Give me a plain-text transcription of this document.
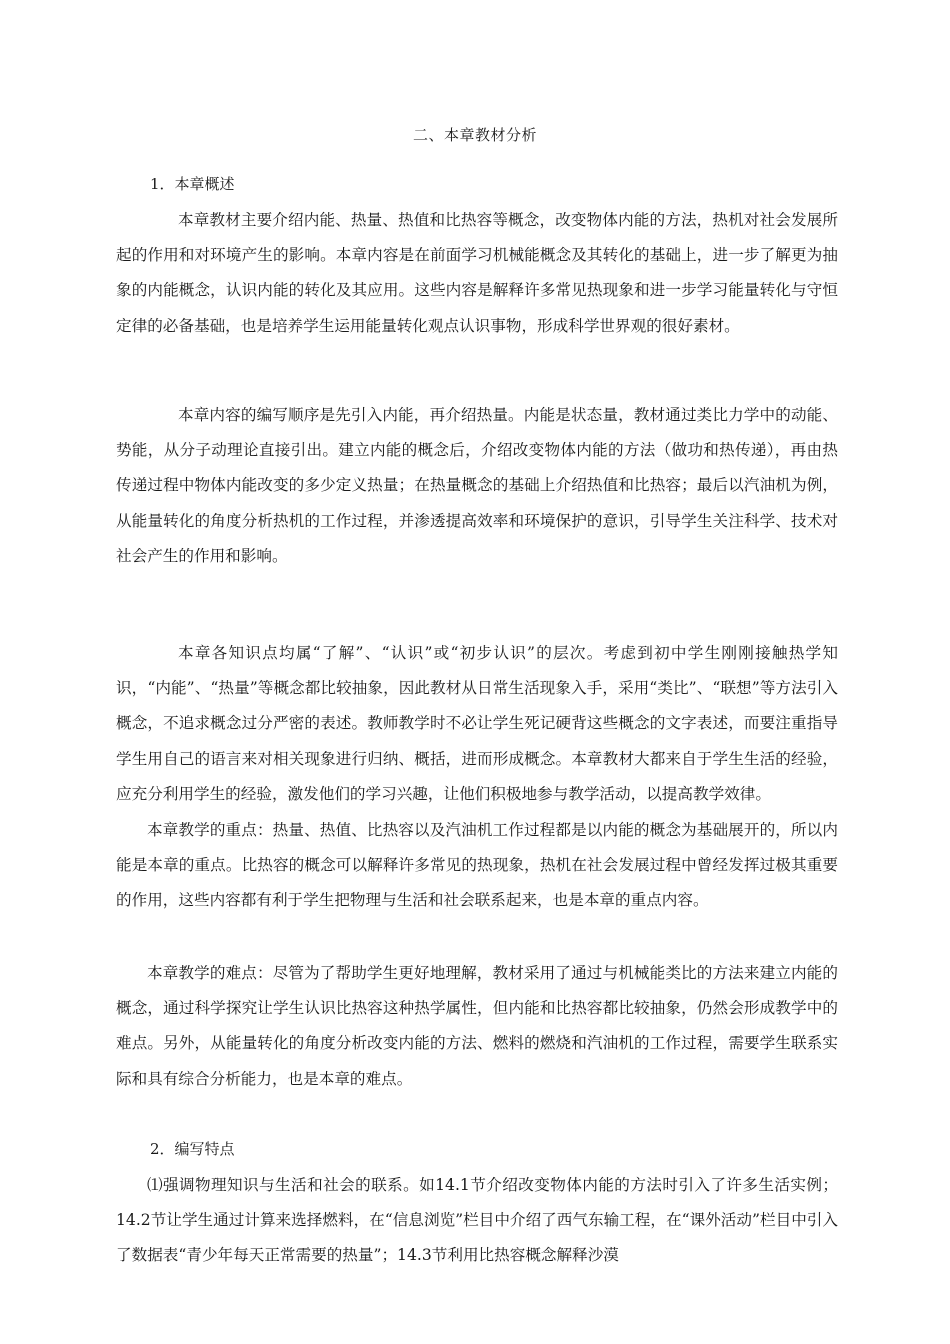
二、本章教材分析
1．本章概述

本章教材主要介绍内能、热量、热值和比热容等概念，改变物体内能的方法，热机对社会发展所起的作用和对环境产生的影响。本章内容是在前面学习机械能概念及其转化的基础上，进一步了解更为抽象的内能概念，认识内能的转化及其应用。这些内容是解释许多常见热现象和进一步学习能量转化与守恒定律的必备基础，也是培养学生运用能量转化观点认识事物，形成科学世界观的很好素材。

本章内容的编写顺序是先引入内能，再介绍热量。内能是状态量，教材通过类比力学中的动能、势能，从分子动理论直接引出。建立内能的概念后，介绍改变物体内能的方法（做功和热传递），再由热传递过程中物体内能改变的多少定义热量；在热量概念的基础上介绍热值和比热容；最后以汽油机为例，从能量转化的角度分析热机的工作过程，并渗透提高效率和环境保护的意识，引导学生关注科学、技术对社会产生的作用和影响。

本章各知识点均属“了解”、“认识”或“初步认识”的层次。考虑到初中学生刚刚接触热学知识，“内能”、“热量”等概念都比较抽象，因此教材从日常生活现象入手，采用“类比”、“联想”等方法引入概念，不追求概念过分严密的表述。教师教学时不必让学生死记硬背这些概念的文字表述，而要注重指导学生用自己的语言来对相关现象进行归纳、概括，进而形成概念。本章教材大都来自于学生生活的经验，应充分利用学生的经验，激发他们的学习兴趣，让他们积极地参与教学活动，以提高教学效律。

本章教学的重点：热量、热值、比热容以及汽油机工作过程都是以内能的概念为基础展开的，所以内能是本章的重点。比热容的概念可以解释许多常见的热现象，热机在社会发展过程中曾经发挥过极其重要的作用，这些内容都有利于学生把物理与生活和社会联系起来，也是本章的重点内容。

本章教学的难点：尽管为了帮助学生更好地理解，教材采用了通过与机械能类比的方法来建立内能的概念，通过科学探究让学生认识比热容这种热学属性，但内能和比热容都比较抽象，仍然会形成教学中的难点。另外，从能量转化的角度分析改变内能的方法、燃料的燃烧和汽油机的工作过程，需要学生联系实际和具有综合分析能力，也是本章的难点。

2．编写特点

⑴强调物理知识与生活和社会的联系。如14.1节介绍改变物体内能的方法时引入了许多生活实例；14.2节让学生通过计算来选择燃料，在“信息浏览”栏目中介绍了西气东输工程，在“课外活动”栏目中引入了数据表“青少年每天正常需要的热量”；14.3节利用比热容概念解释沙漠
